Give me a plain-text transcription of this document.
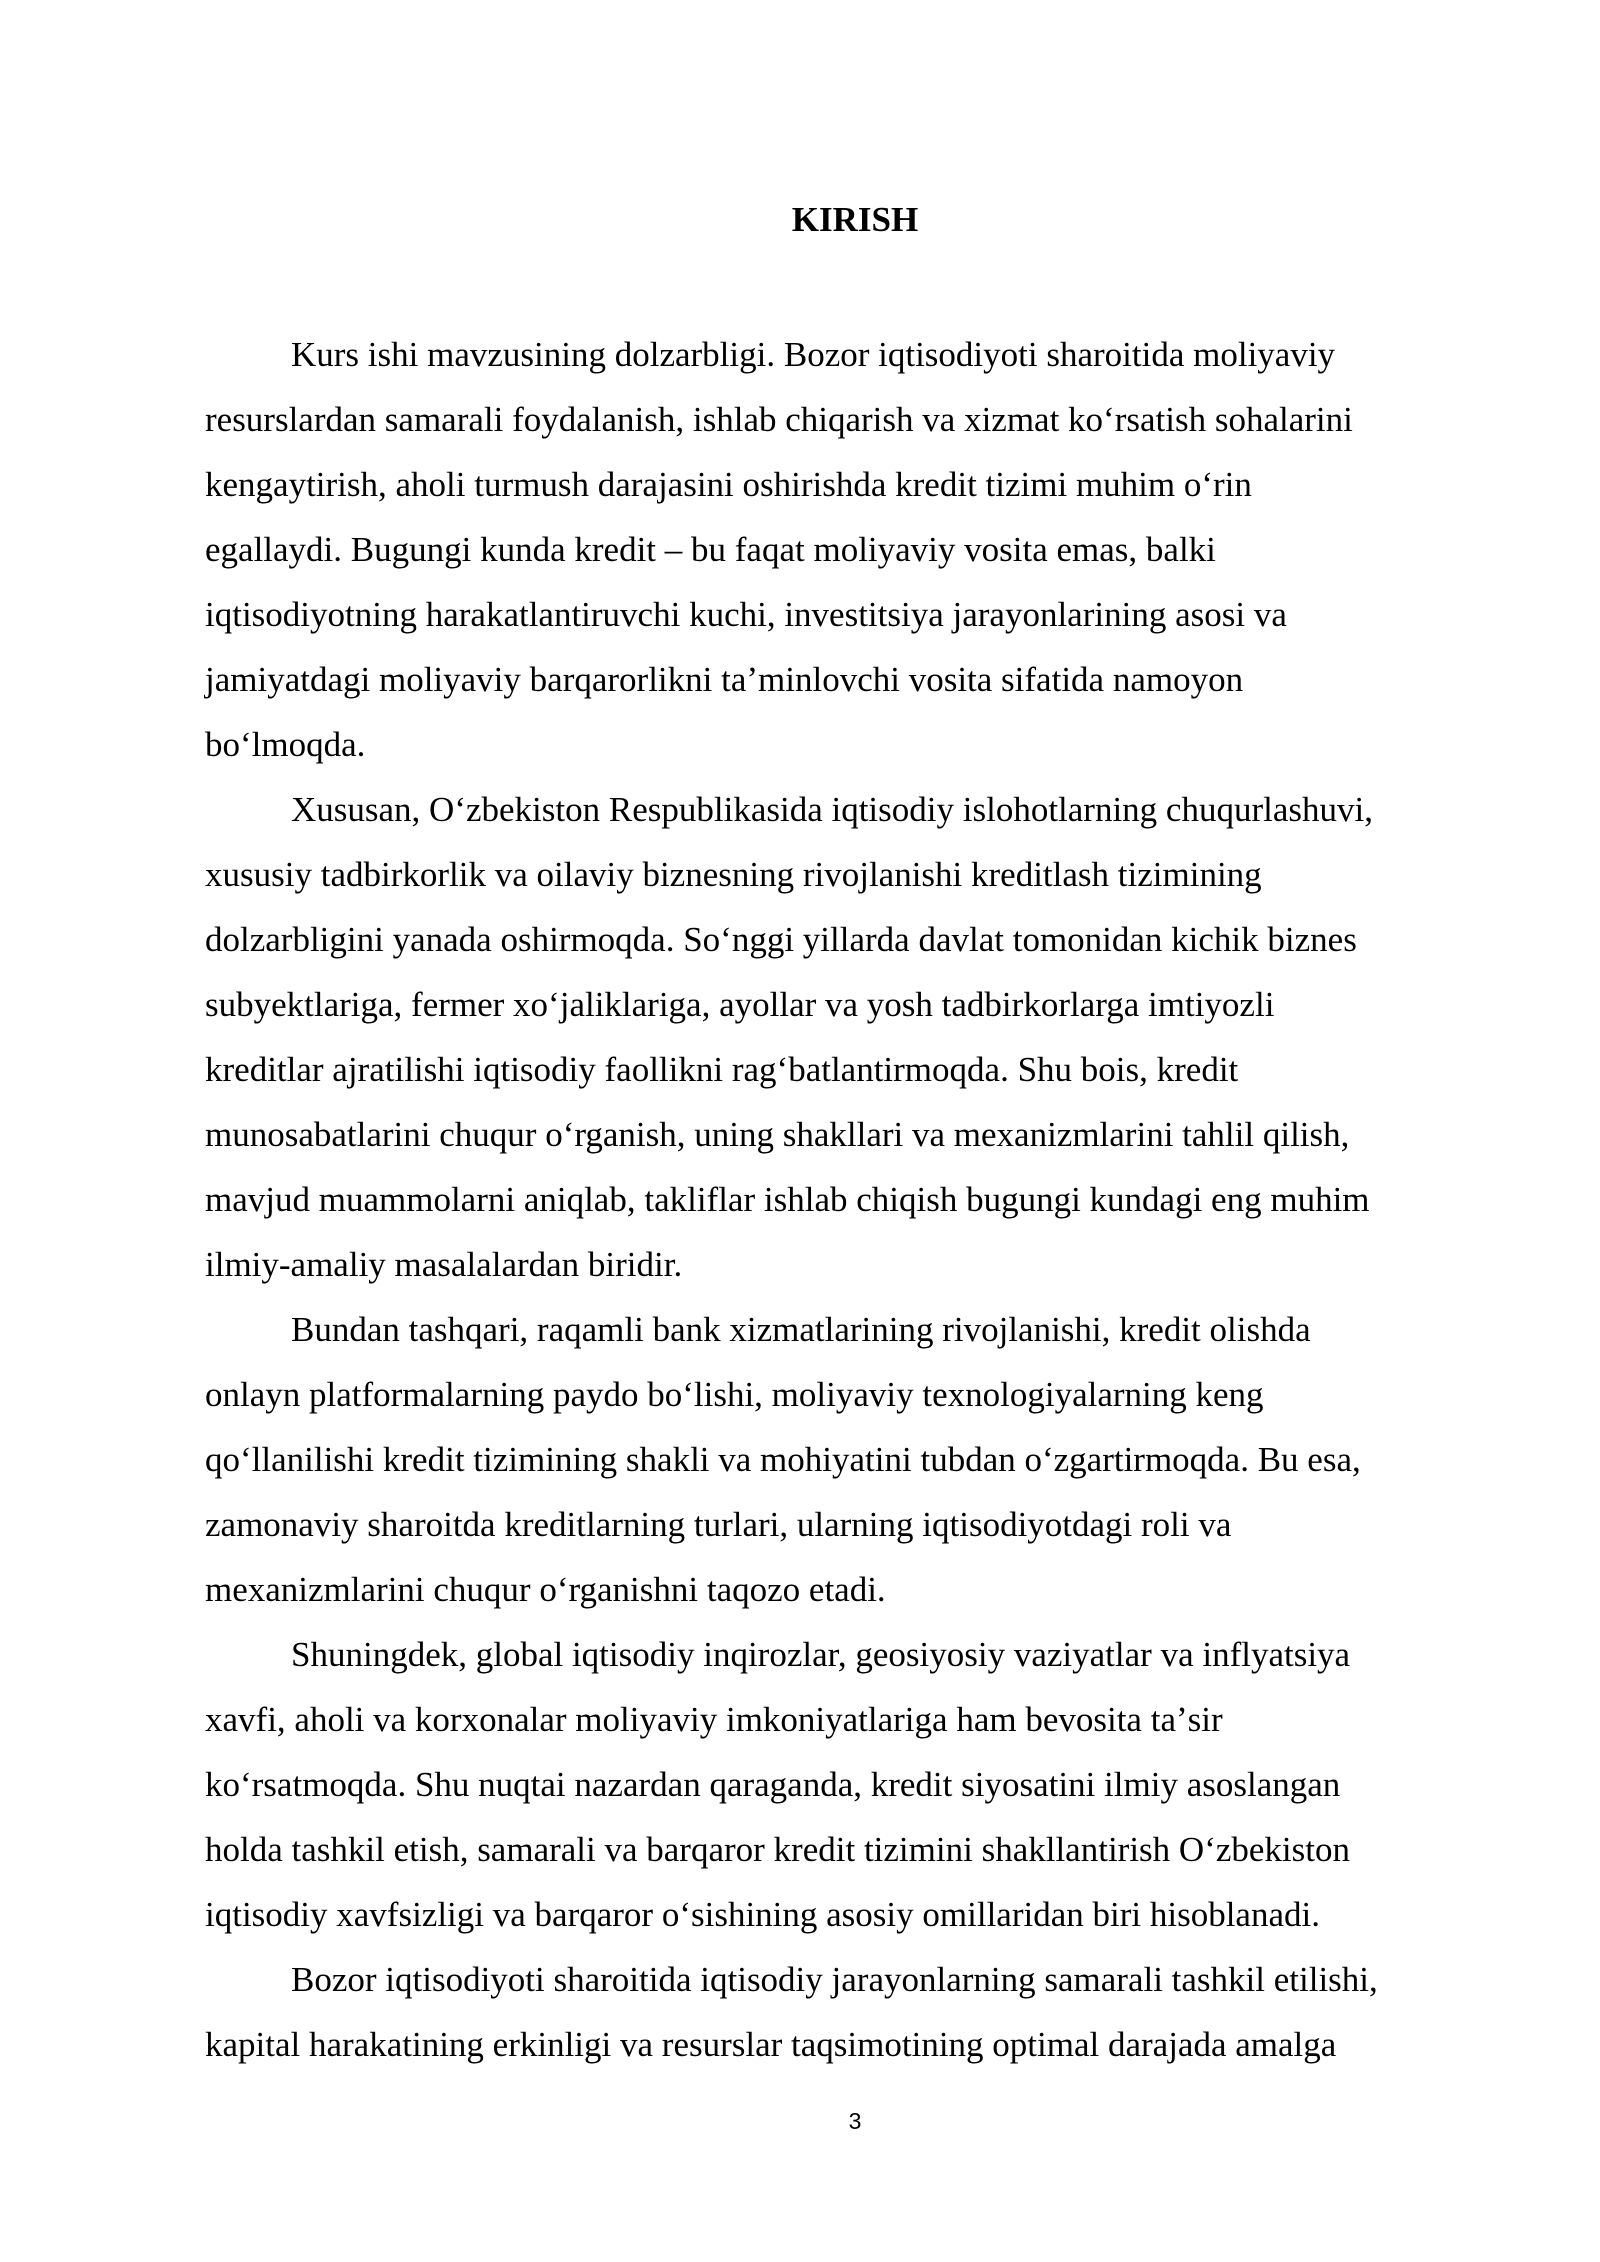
KIRISH
Kurs ishi mavzusining dolzarbligi. Bozor iqtisodiyoti sharoitida moliyaviy
resurslardan samarali foydalanish, ishlab chiqarish va xizmat koʻrsatish sohalarini
kengaytirish, aholi turmush darajasini oshirishda kredit tizimi muhim oʻrin
egallaydi. Bugungi kunda kredit – bu faqat moliyaviy vosita emas, balki
iqtisodiyotning harakatlantiruvchi kuchi, investitsiya jarayonlarining asosi va
jamiyatdagi moliyaviy barqarorlikni taʼminlovchi vosita sifatida namoyon
boʻlmoqda.
Xususan, Oʻzbekiston Respublikasida iqtisodiy islohotlarning chuqurlashuvi,
xususiy tadbirkorlik va oilaviy biznesning rivojlanishi kreditlash tizimining
dolzarbligini yanada oshirmoqda. Soʻnggi yillarda davlat tomonidan kichik biznes
subyektlariga, fermer xoʻjaliklariga, ayollar va yosh tadbirkorlarga imtiyozli
kreditlar ajratilishi iqtisodiy faollikni ragʻbatlantirmoqda. Shu bois, kredit
munosabatlarini chuqur oʻrganish, uning shakllari va mexanizmlarini tahlil qilish,
mavjud muammolarni aniqlab, takliflar ishlab chiqish bugungi kundagi eng muhim
ilmiy-amaliy masalalardan biridir.
Bundan tashqari, raqamli bank xizmatlarining rivojlanishi, kredit olishda
onlayn platformalarning paydo boʻlishi, moliyaviy texnologiyalarning keng
qoʻllanilishi kredit tizimining shakli va mohiyatini tubdan oʻzgartirmoqda. Bu esa,
zamonaviy sharoitda kreditlarning turlari, ularning iqtisodiyotdagi roli va
mexanizmlarini chuqur oʻrganishni taqozo etadi.
Shuningdek, global iqtisodiy inqirozlar, geosiyosiy vaziyatlar va inflyatsiya
xavfi, aholi va korxonalar moliyaviy imkoniyatlariga ham bevosita taʼsir
koʻrsatmoqda. Shu nuqtai nazardan qaraganda, kredit siyosatini ilmiy asoslangan
holda tashkil etish, samarali va barqaror kredit tizimini shakllantirish Oʻzbekiston
iqtisodiy xavfsizligi va barqaror oʻsishining asosiy omillaridan biri hisoblanadi.
Bozor iqtisodiyoti sharoitida iqtisodiy jarayonlarning samarali tashkil etilishi,
kapital harakatining erkinligi va resurslar taqsimotining optimal darajada amalga
3
